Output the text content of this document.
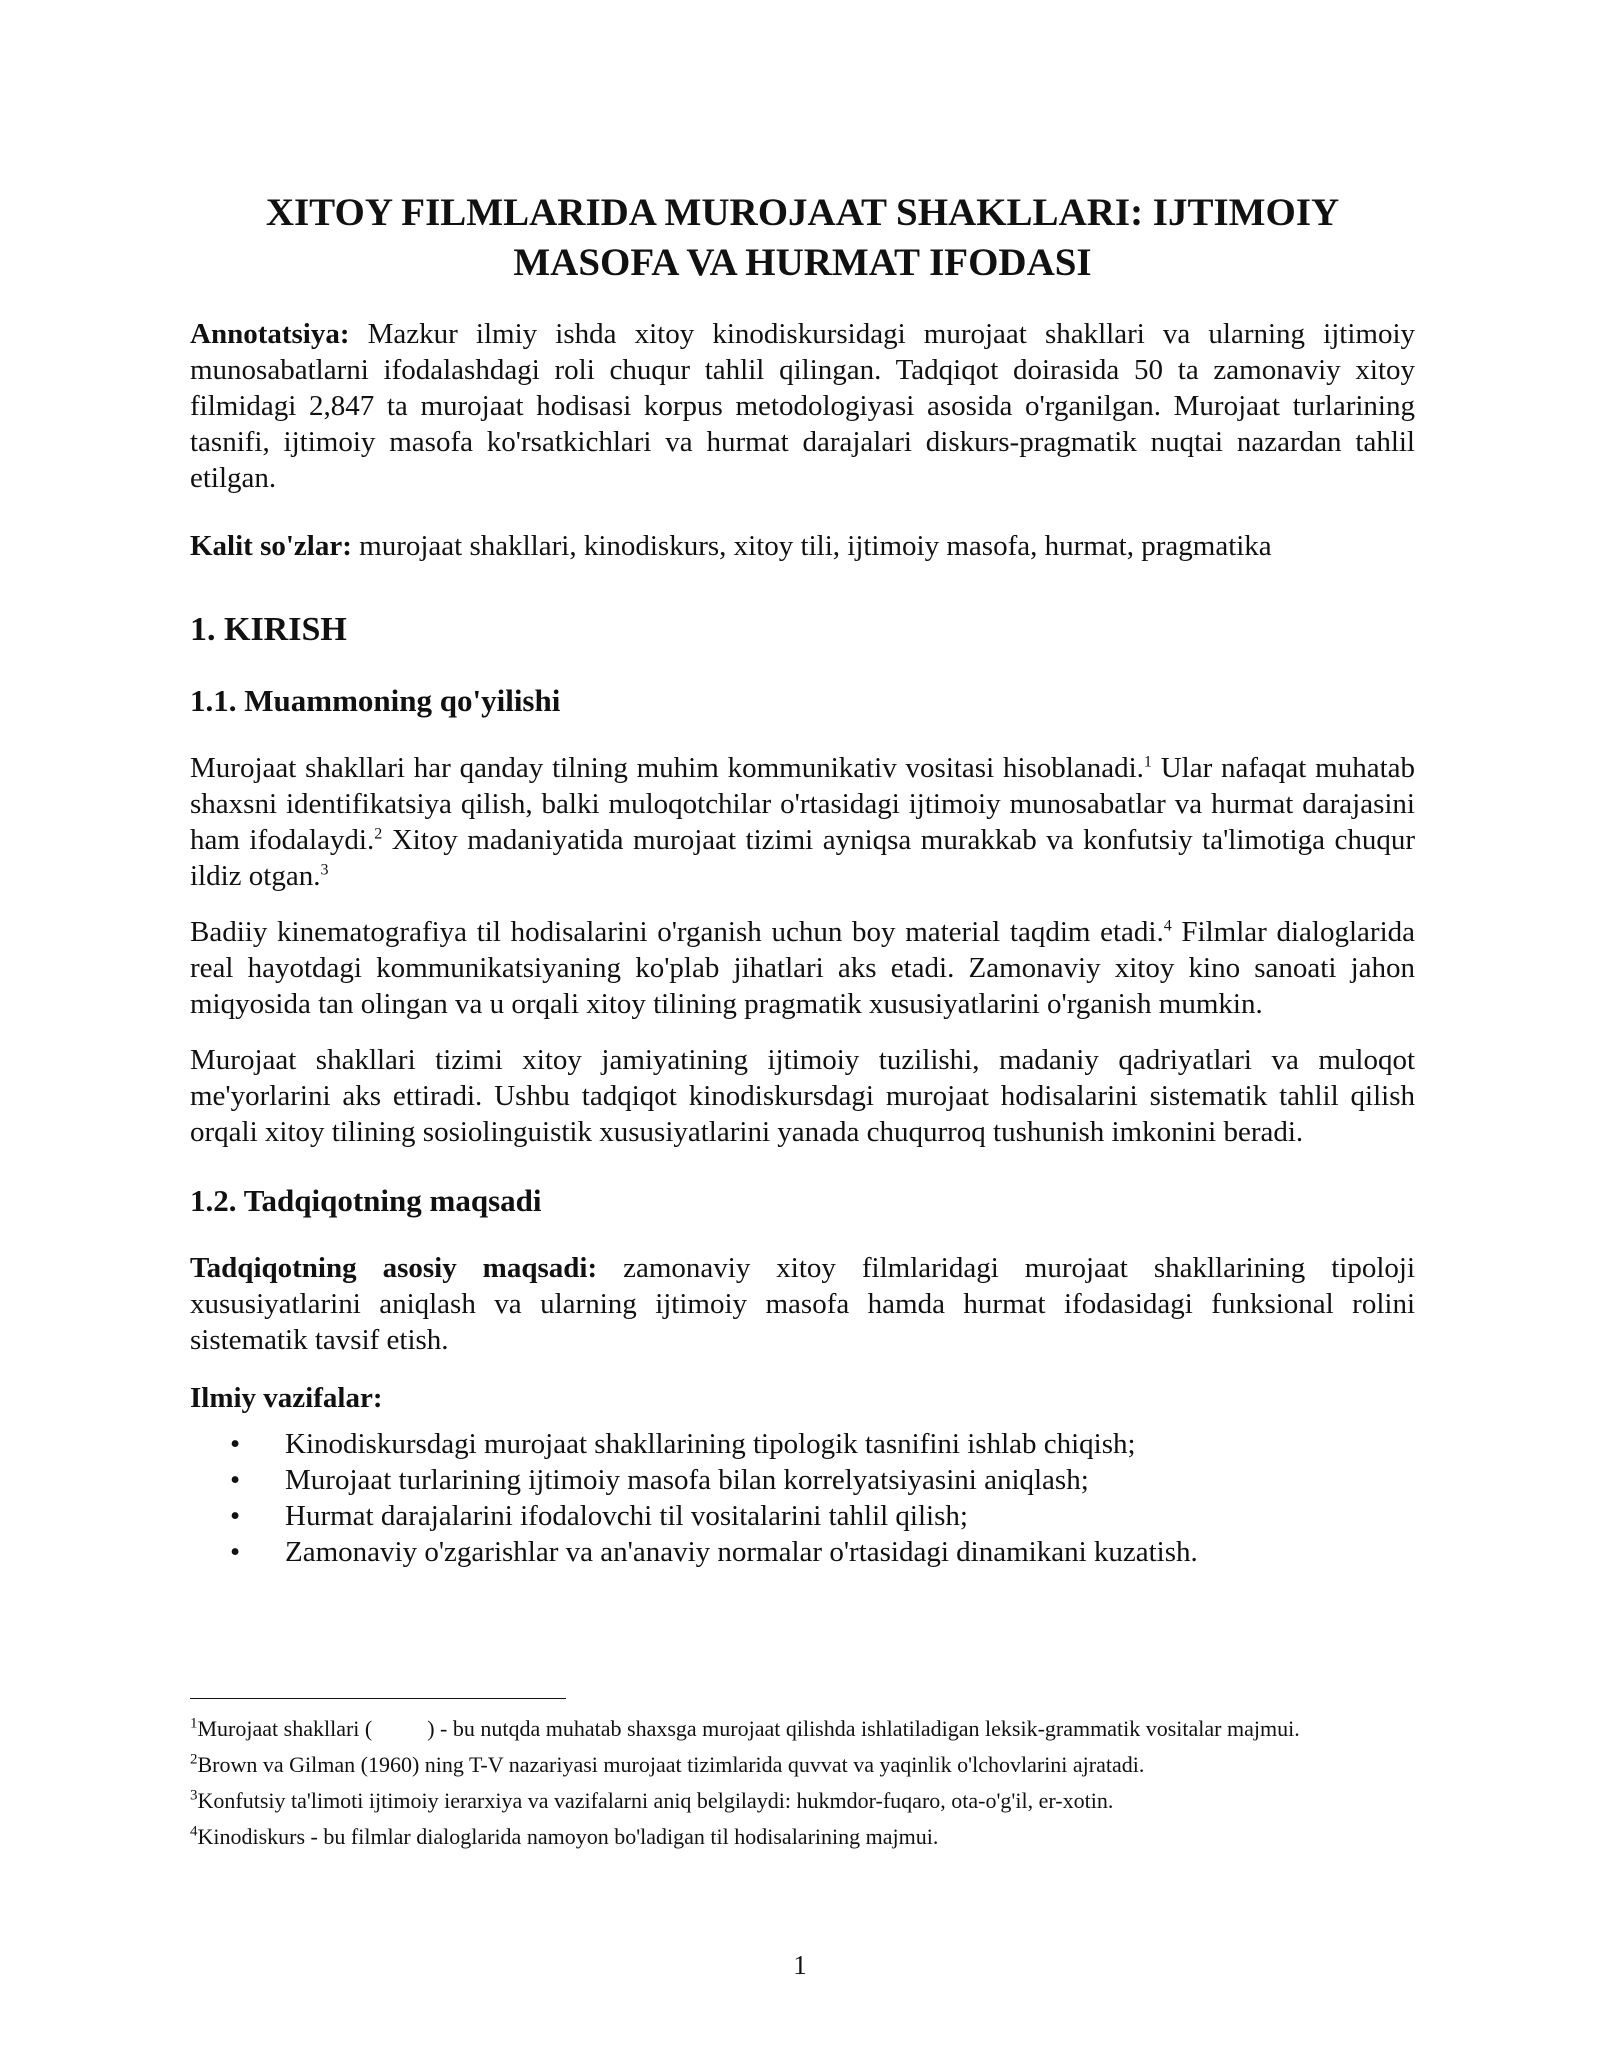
XITOY FILMLARIDA MUROJAAT SHAKLLARI: IJTIMOIY
MASOFA VA HURMAT IFODASI

Annotatsiya: Mazkur ilmiy ishda xitoy kinodiskursidagi murojaat shakllari va ularning ijtimoiy munosabatlarni ifodalashdagi roli chuqur tahlil qilingan. Tadqiqot doirasida 50 ta zamonaviy xitoy filmidagi 2,847 ta murojaat hodisasi korpus metodologiyasi asosida o'rganilgan. Murojaat turlarining tasnifi, ijtimoiy masofa ko'rsatkichlari va hurmat darajalari diskurs-pragmatik nuqtai nazardan tahlil etilgan.

Kalit so'zlar: murojaat shakllari, kinodiskurs, xitoy tili, ijtimoiy masofa, hurmat, pragmatika

1. KIRISH
1.1. Muammoning qo'yilishi

Murojaat shakllari har qanday tilning muhim kommunikativ vositasi hisoblanadi.$^1$ Ular nafaqat muhatab shaxsni identifikatsiya qilish, balki muloqotchilar o'rtasidagi ijtimoiy munosabatlar va hurmat darajasini ham ifodalaydi.$^2$ Xitoy madaniyatida murojaat tizimi ayniqsa murakkab va konfutsiy ta'limotiga chuqur ildiz otgan.$^3$

Badiiy kinematografiya til hodisalarini o'rganish uchun boy material taqdim etadi.$^4$ Filmlar dialoglarida real hayotdagi kommunikatsiyaning ko'plab jihatlari aks etadi. Zamonaviy xitoy kino sanoati jahon miqyosida tan olingan va u orqali xitoy tilining pragmatik xususiyatlarini o'rganish mumkin.

Murojaat shakllari tizimi xitoy jamiyatining ijtimoiy tuzilishi, madaniy qadriyatlari va muloqot me'yorlarini aks ettiradi. Ushbu tadqiqot kinodiskursdagi murojaat hodisalarini sistematik tahlil qilish orqali xitoy tilining sosiolinguistik xususiyatlarini yanada chuqurroq tushunish imkonini beradi.

1.2. Tadqiqotning maqsadi

Tadqiqotning asosiy maqsadi: zamonaviy xitoy filmlaridagi murojaat shakllarining tipoloji xususiyatlarini aniqlash va ularning ijtimoiy masofa hamda hurmat ifodasidagi funksional rolini sistematik tavsif etish.

Ilmiy vazifalar:
• Kinodiskursdagi murojaat shakllarining tipologik tasnifini ishlab chiqish;
• Murojaat turlarining ijtimoiy masofa bilan korrelyatsiyasini aniqlash;
• Hurmat darajalarini ifodalovchi til vositalarini tahlil qilish;
• Zamonaviy o'zgarishlar va an'anaviy normalar o'rtasidagi dinamikani kuzatish.
$^1$Murojaat shakllari (          ) - bu nutqda muhatab shaxsga murojaat qilishda ishlatiladigan leksik-grammatik vositalar majmui.
$^2$Brown va Gilman (1960) ning T-V nazariyasi murojaat tizimlarida quvvat va yaqinlik o'lchovlarini ajratadi.
$^3$Konfutsiy ta'limoti ijtimoiy ierarxiya va vazifalarni aniq belgilaydi: hukmdor-fuqaro, ota-o'g'il, er-xotin.
$^4$Kinodiskurs - bu filmlar dialoglarida namoyon bo'ladigan til hodisalarining majmui.
1
